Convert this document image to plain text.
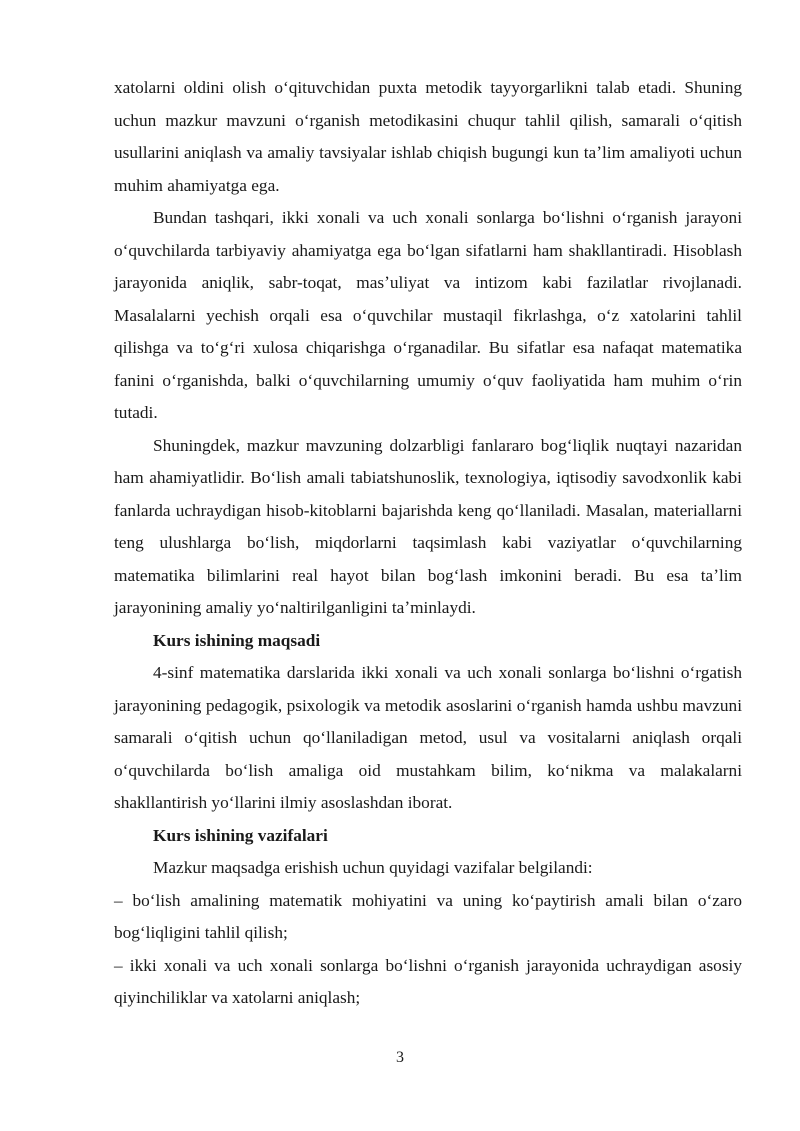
xatolarni oldini olish oʻqituvchidan puxta metodik tayyorgarlikni talab etadi. Shuning uchun mazkur mavzuni oʻrganish metodikasini chuqur tahlil qilish, samarali oʻqitish usullarini aniqlash va amaliy tavsiyalar ishlab chiqish bugungi kun taʼlim amaliyoti uchun muhim ahamiyatga ega.

Bundan tashqari, ikki xonali va uch xonali sonlarga boʻlishni oʻrganish jarayoni oʻquvchilarda tarbiyaviy ahamiyatga ega boʻlgan sifatlarni ham shakllantiradi. Hisoblash jarayonida aniqlik, sabr-toqat, masʼuliyat va intizom kabi fazilatlar rivojlanadi. Masalalarni yechish orqali esa oʻquvchilar mustaqil fikrlashga, oʻz xatolarini tahlil qilishga va toʻgʻri xulosa chiqarishga oʻrganadilar. Bu sifatlar esa nafaqat matematika fanini oʻrganishda, balki oʻquvchilarning umumiy oʻquv faoliyatida ham muhim oʻrin tutadi.

Shuningdek, mazkur mavzuning dolzarbligi fanlararo bogʻliqlik nuqtayi nazaridan ham ahamiyatlidir. Boʻlish amali tabiatshunoslik, texnologiya, iqtisodiy savodxonlik kabi fanlarda uchraydigan hisob-kitoblarni bajarishda keng qoʻllaniladi. Masalan, materiallarni teng ulushlarga boʻlish, miqdorlarni taqsimlash kabi vaziyatlar oʻquvchilarning matematika bilimlarini real hayot bilan bogʻlash imkonini beradi. Bu esa taʼlim jarayonining amaliy yoʻnaltirilganligini taʼminlaydi.

Kurs ishining maqsadi

4-sinf matematika darslarida ikki xonali va uch xonali sonlarga boʻlishni oʻrgatish jarayonining pedagogik, psixologik va metodik asoslarini oʻrganish hamda ushbu mavzuni samarali oʻqitish uchun qoʻllaniladigan metod, usul va vositalarni aniqlash orqali oʻquvchilarda boʻlish amaliga oid mustahkam bilim, koʻnikma va malakalarni shakllantirish yoʻllarini ilmiy asoslashdan iborat.

Kurs ishining vazifalari

Mazkur maqsadga erishish uchun quyidagi vazifalar belgilandi:

– boʻlish amalining matematik mohiyatini va uning koʻpaytirish amali bilan oʻzaro bogʻliqligini tahlil qilish;

– ikki xonali va uch xonali sonlarga boʻlishni oʻrganish jarayonida uchraydigan asosiy qiyinchiliklar va xatolarni aniqlash;

3
